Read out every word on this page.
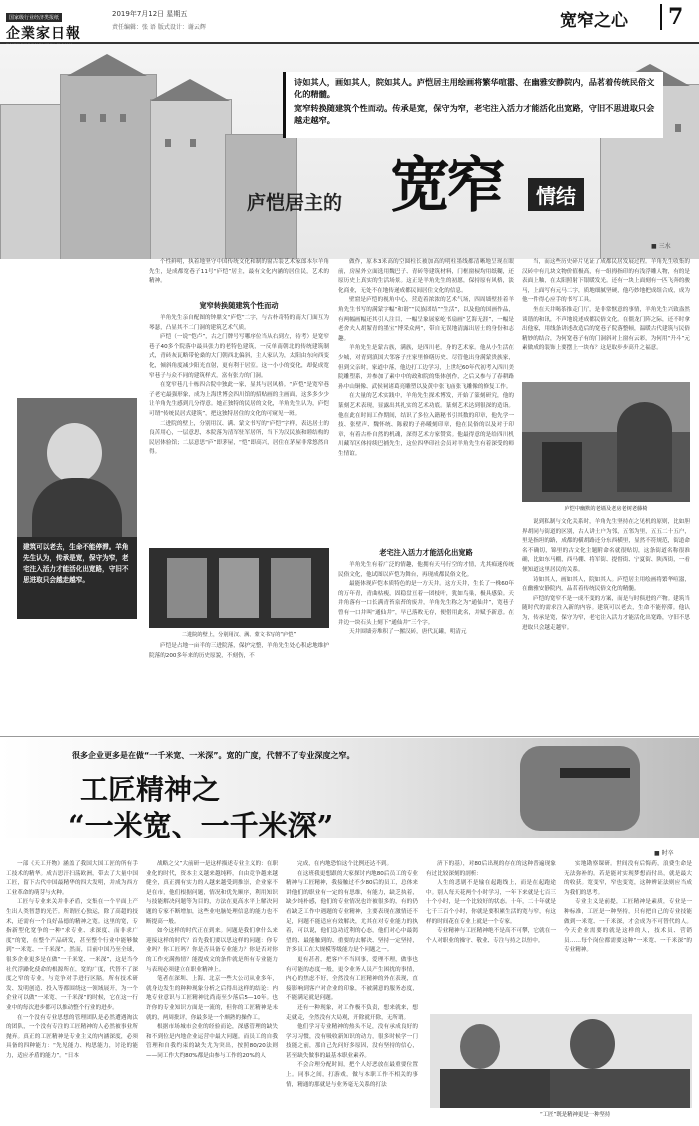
国家级行业经济类报纸
企業家日報
2019年7月12日 星期五
责任编辑：张 语 版式设计：谢云辉	宽窄之心	7

诗如其人，画如其人，院如其人。庐恺居主用绘画将繁华喧嚣、在幽雅安静院内，品茗着传统民俗文化的精髓。

宽窄转换随建筑个性而动。传承是宽，保守为窄，老宅注入活力才能活化出宽路，守旧不思进取只会越走越窄。

庐恺居主的 宽窄	情结
■ 三水

个性鲜明，执着地坚守中国传统文化和制的窗古装艺术家郎本尔羊角先生，是成都宽巷子11号“庐恺”居主，最有文化内涵的居住民，艺术的精神。

宽窄转换随建筑个性而动

羊角先生亲自配图的钟鼎文“庐恺”二字，与古朴奇特的南大门面互为琴瑟，凸显其不二门洞的建筑艺术气质。

庐恺（一说“恺卢”，古之门牌号写哪序位当从右到左，待考）是宽窄巷子40多个院落中最具张力的老特色建筑，一反单南朝北的传统建筑制式，青砖灰瓦略带伦桑的大门朝西北偏斜，主人家认为，太阳由东向西变化，倾斜角度减少阳光直射，更有利于居室。这一小小的变化，却促成宽窄巷子与众不同的建筑样式，富有张力的门洞。

在宽窄巷几十栋四合院中独此一家，显其与居风格。“庐恺”是宽窄巷子老宅最强形象，成为上海世博会四川馆的招贴画的主画面，这多多少少让羊角先生感到几分得意。她正独特的民居的文化，羊角先生认为，庐恺可谓“传统民居式建筑”，把这独特居住的文化的可窥见一斑。

二进院的壁上，分别用汉、满、蒙文书写的“庐恺”字样，表达居士的良苦用心，一层意思，本院落为清军驻军居所，当下为汉民族和睦结构的民居体验馆；二层意思“庐”即茅屋，“恺”即高兴，居住在茅屋非常悠然自得。

建筑可以老去，生命不能停滞。羊角先生认为，传承是宽，保守为窄，老宅注入活力才能活化出宽路，守旧不思进取只会越走越窄。
二进院的壁上，分别用汉、满、蒙文书写的“庐恺”

庐恺是占地一亩半的三进院落，保护完整，羊角先生处心积虑地维护院落的200多年来的历史原貌，不刻伤，不

做作，原本3米高的空圆柱长被加高的明柱墨线都清晰地呈现在眼前，房屋外立面选用魏巴子、青砖等建筑材料，门框窗棂均用纸糊，还原历史上真实的生活场景。这正是羊角先生的初愿，保持原有风格，淡化商业，无处不在地传递成都民间居住文化的信息。

壁窟是庐恺的视角中心，营造着浓浓的艺术气场，四周墙壁挂着羊角先生书写的满蒙字幅“和谐”“民族团结”“生活”，以及他的国画作品，有两幅画幅还其引人注目，一幅呈象展家屹书扇画“艺海无涯”，一幅是老舍夫人胡絜青的墨宝“博采众两”，带自无误地清露出居士的身份和志趣。

羊角先生是蒙古族，满族，是四川老，身的艺术家。他从小生活在少城，对青到滇国大邻客子庄家里修缮历史、尽管他出身满蒙贵族家，但到父亲时，家道中落，他边打工边学习，上世纪60年代初考入四川美院雕塑系，并参加了素中中的政和院的集体创作，之后又参与了春耕路孙中山铜像、武侯祠诸葛亮雕塑以及黄中张飞庙张飞雕像的修复工作。

在大量的艺术实践中，羊角先生探术博发，开始了篆刻研究，他的篆刻艺术表现，显露出其扎实的艺术功底。篆刻艺术达到很深的造诣。他在此在时间工作期间，结识了多位入籍秘书引其数的印章，他先学一技、张壁声、魏怀统、陈毅的子孙曦刻印章，他在民俗的以及对于印章，有着古朴自然的机魂，深得艺术方家赞赏。他最得意的是给四川机川藏军区体持续巴捕先生，这位四华印社会员对羊角先生有着深受的师生情谊。

老宅注入活力才能活化出宽路

羊角先生有着广泛的情趣，他拥有天马行空的才情，尤其痴迷传统民俗文化，他试图以庐恺为舞台，再现成都民俗文化。

最能体现庐恺本质特色的是一方天井。这方天井，生长了一株60年的万年青，青曲枯瘦，固稳盘亘着一团枝叶，犹如鸟巢，极具感染。天井角落有一口长满青苔泉苔的废井，羊角先生称之为“通仙井”，宽巷子曾有一口井叫“通仙井”，早已落败无存，便借用此名，并赋予新意。在井边一块石头上刻下“通仙井”三个字。

天井围墙旁堆积了一摞汉砖，唐代瓦罐，明清元

当，而这些历史碎片见证了成都民居发展过程。羊角先生收集的汉砖中有几块文物价值极高，有一组拇指印的有浅浮雕人物，有的是表面上釉，在太阳照射下银暖发光。还有一块上面刻有一匹飞奔的骏马，上面写有元马二字，质地细腻坚硬，他巧妙地把成组合成，成为他一件得心应手的书写工具。

坐在天井喝茶推走门厅，是非常惬意的事情，羊角先生兴致盎然谈谐的和讯，不声地说述成都民俗文化。在僵龙门阵之际，还不时拿出他家，用线条讲述改造后的宽巷子院落整顿，温暖古代建筑与民俗精妙的结合，为何宽巷子有的门洞斜对上窗有云彩，为何用“升斗”元素做成的装饰上要摆上一块布？这是取步步高升之福意。

庐恺中幽默的老墙及老房老树老藤椅

说到私制与文化关系时，羊角先生坚持在之见机的原则，比如胆界胡同与街道的区别，古人讲土户为邻，五邻为里，五五二十五户，里是指坦的路，成都的横胡路还分东西横里，显然不符规范，街道命名不确切，锦里的古文化主题附命名就很贴切，这条街道名称很准确，比如东马棚，西马棚、将军街、提督街、宁夏街、陕西街，一看便知道这里居民的关系。

诗如其人，画如其人，院如其人。庐恺居主用绘画将繁华喧嚣，在幽雅安静院内，品茗着传统民俗文化的精髓。

庐恺的宽窄不是一成不变的方案，而是与时俱进的产物。建筑当随时代的需求注入新的内容。建筑可以老去，生命不能停滞。他认为，传承是宽，保守为窄，老宅注入活力才能活化出宽路，守旧不思进取只会越走越窄。

很多企业更多是在做“一千米宽、一米深”。宽的广度，代替不了专业深度之窄。
工匠精神之
“一米宽、一千米深”
■ 时卒

一部《天工开物》涵盖了我国大国工匠的所有手工技术的精华。成吉思汗扫荡欧洲，带去了大量中国工匠，留下古代中国最精华的四大发明，并成为西方工业革命的萌芽与火种。

工匠与专业来关并非矛盾，交集在一个平面上产生出人类智慧的光芒。所谓匠心独运，除了高超的技术，还需有一个良好品德的精神之宽。这里的宽，专指新型化宽争的一种“求专业、求深度、而非求广度”的宽，在整个产品研发，甚至整个行业中能够做到“一米宽、一千米深”。然而，目前中国乃至全球，很多企业更多是在做“一千米宽、一米深”，这是当今社代浮躁化使命的根源所在，宽的广度，代替不了深度之窄的专业，与竞争对手进行区隔。所有技术研发、发明创造、投入等都围绕这一领域展开，为一个企业可以做“一米宽、一千米深”的时候，它在这一行业中的每次进步都可以推动整个行业的进步。

在一个没有专业思想的管理团队是必然遭遇淘汰的团队，一个没有专注的工匠精神的人必然被事业所抛弃。真正的工匠精神是专业主义的内涵深度，必须具备的四种能力：“先见能力、构思能力，讨论的能力，适应矛盾的能力”。“日本

战略之父”大前研一是这样描述专业主义的：在职业化的时代，资本主义越来越纯粹，自由竞争越来越健全，真正拥有实力的人越来越受到推崇，企业家不是在市，他们根据问题，情况和优先顺序，利用知识与技能解决问题等为目的，方法在更高水平上解决问题的专家不断增加，这些业电脑处理信息的能力也不断提高一般。

如今这样的时代正在到来。问题是我们拿什么来迎接这样的时代？首先我们要以思这样的问题：你专业吗？你工匠吗？你是否具备专业能力？你是否对你的工作充满热情？能提成文的条件就是所有专业能力与表现必须建立在职业精神上。

笔者在深圳、上海、北京一些大公司从业多年，就身边发生的种种现象分析之后得出这样的结论：内地专业意识与工匠精神比尚南至少落后5—10年。也许你的专业知识方面是一流的，但你的工匠精神是未就的，两周批评，你最多是一个颇熟的操作工。

根据市场城市会业的经验而论，深感管理的缺失和不到位是内地企业运营中最大问题。而员工的自我管理和自我约束的缺失尤为突出，按照80/20法则——同工作大约80%都是由参与工作的20%的人

完成，在内地恐怕这个比例还达不到。

在这班我更想跟的大家探讨内地80后员工的专业精神与工匠精神，我接触过不少80后的员工，总体来讲他们的职业有一定的有思维，有能力，缺乏执着，缺少纯朴感，他们的专业情况也许被很多的，有的仍看缺乏工作中遇题的专业精神，主要表现在激情还不足，问题不能适应有效解决，尤其在对专业能力的执着，可以说，他们急功近利的心态，他们对心中最渴望的、最能触到的、重要的去解决、坚持一定坚持，许多员工在大规模等级能力是个问题之一。

更有甚者，把客户不当回事，爱理不理，做事也有可能的态度一般，更令业务人员产生困扰的事情，内心的焦虑不好，全然没有工匠精神的外在表现，直接影响到客户对企业的印象，不被满意的服务态度，不能满足就是问题。

还有一种现象，对工作极不负责，想来就来，想走就走，全然没有大局观，开除就开除，无所谓。

他们学习专业精神的热头不足，没有承成良好的学习习惯，没有吸收新知识的动力，很多时候学一门技能之前，那自己先问好多原因，没有坚持的信心，甚至缺失做事的最基本职业素养。

不会合理分配时间，把个人好恶放在最重要位置上。同事之间，打游戏，做与本职工作不相关的事情，精通的那就是与业务毫无关系的打法

济下的基），对80后出现的存在的这种普遍现象有过比较深刻的剖析：

人生的悲剧不是输在起跑线上，而是在起跑途中。别人每天花两个小时学习，一年下来就是七百三十个小时，是一个比较好的状态。十年，二十年就是七千三百个小时，你就是要积累生活的宽与窄，有这样的时间花在专业上就是一个专家。

专业精神与工匠精神绝不是高不可攀，它就在一个人对职业的操守、敬业、专注与持之以恒中。

实地勘察课研。世间没有后悔药，浪费生命是无法弥补的。若是能对实现梦想而付出，就是最大的收获。宽变窄，窄也变宽，这种辨证法则应当成为我们的思考。

专业主义是前提，工匠精神是素质，专业是一种标准，工匠是一种坚持，只有把自己的专业技能做到一米宽、一千米深，才会成为不可替代的人。今天企业需要的就是这样的人，技术员、营销员……每个岗位都需要这种“一米宽、一千米深”的专业精神。

“工匠”既是精神更是一种坚持
